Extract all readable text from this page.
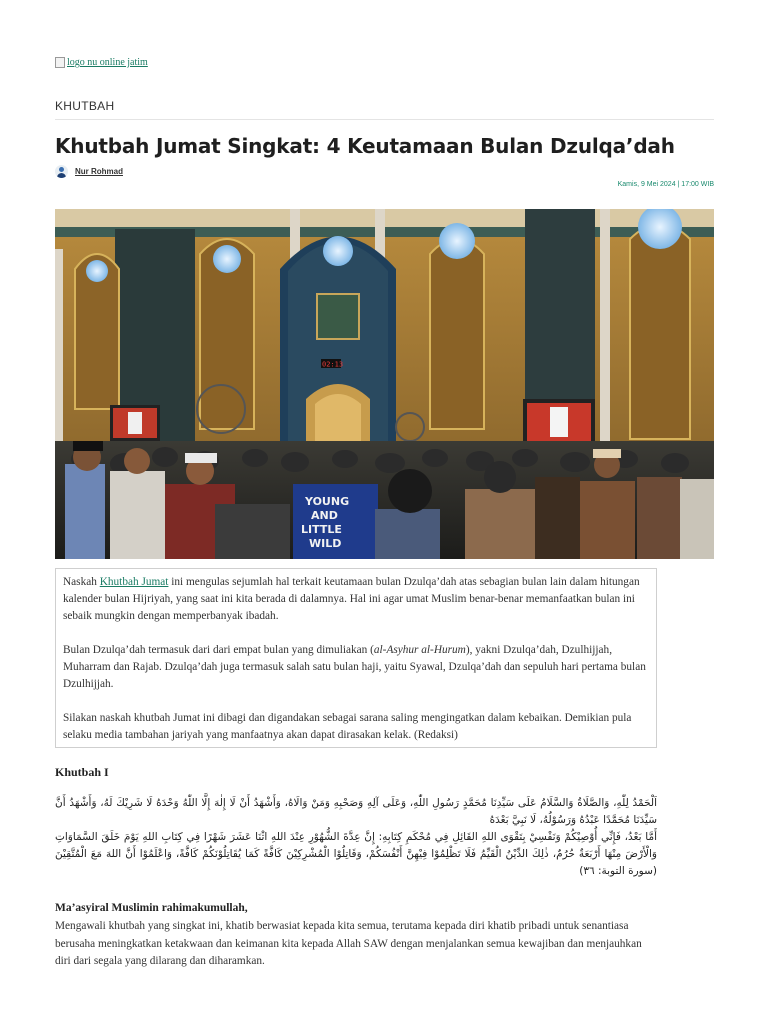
logo nu online jatim
KHUTBAH
Khutbah Jumat Singkat: 4 Keutamaan Bulan Dzulqa’dah
Nur Rohmad
Kamis, 9 Mei 2024 | 17:00 WIB
02:13
YOUNG
AND
LITTLE
WILD

Naskah Khutbah Jumat ini mengulas sejumlah hal terkait keutamaan bulan Dzulqa’dah atas sebagian bulan lain dalam hitungan kalender bulan Hijriyah, yang saat ini kita berada di dalamnya. Hal ini agar umat Muslim benar-benar memanfaatkan bulan ini sebaik mungkin dengan memperbanyak ibadah.

Bulan Dzulqa’dah termasuk dari dari empat bulan yang dimuliakan (al-Asyhur al-Hurum), yakni Dzulqa’dah, Dzulhijjah, Muharram dan Rajab. Dzulqa’dah juga termasuk salah satu bulan haji, yaitu Syawal, Dzulqa’dah dan sepuluh hari pertama bulan Dzulhijjah.

Silakan naskah khutbah Jumat ini dibagi dan digandakan sebagai sarana saling mengingatkan dalam kebaikan. Demikian pula selaku media tambahan jariyah yang manfaatnya akan dapat dirasakan kelak. (Redaksi)

Khutbah I

اَلْحَمْدُ لِلّٰهِ، وَالصَّلَاةُ وَالسَّلَامُ عَلَى سَيِّدِنَا مُحَمَّدٍ رَسُولِ اللّٰهِ، وَعَلَى آلِهِ وَصَحْبِهِ وَمَنْ وَالَاهُ، وَأَشْهَدُ أَنْ لَا إِلٰهَ إِلَّا اللّٰهُ وَحْدَهُ لَا شَرِيْكَ لَهُ، وَأَشْهَدُ أَنَّ سَيِّدَنَا مُحَمَّدًا عَبْدُهُ وَرَسُوْلُهُ، لَا نَبِيَّ بَعْدَهُ

أَمَّا بَعْدُ، فَإِنِّي أُوْصِيْكُمْ وَنَفْسِيْ بِتَقْوَى اللهِ القَائِلِ فِي مُحْكَمِ كِتَابِهِ: إِنَّ عِدَّةَ الشُّهُوْرِ عِنْدَ اللهِ اثْنَا عَشَرَ شَهْرًا فِي كِتَابِ اللهِ يَوْمَ خَلَقَ السَّمَاوَاتِ وَالْأَرْضَ مِنْهَا أَرْبَعَةٌ حُرُمٌ، ذٰلِكَ الدِّيْنُ الْقَيِّمُ فَلَا تَظْلِمُوْا فِيْهِنَّ أَنْفُسَكُمْ، وَقَاتِلُوْا الْمُشْرِكِيْنَ كَافَّةً كَمَا يُقَاتِلُوْنَكُمْ كَافَّةً، وَاعْلَمُوْا أَنَّ اللهَ مَعَ الْمُتَّقِيْنَ (سورة التوبة: ٣٦)

Ma’asyiral Muslimin rahimakumullah,

Mengawali khutbah yang singkat ini, khatib berwasiat kepada kita semua, terutama kepada diri khatib pribadi untuk senantiasa berusaha meningkatkan ketakwaan dan keimanan kita kepada Allah SAW dengan menjalankan semua kewajiban dan menjauhkan diri dari segala yang dilarang dan diharamkan.
